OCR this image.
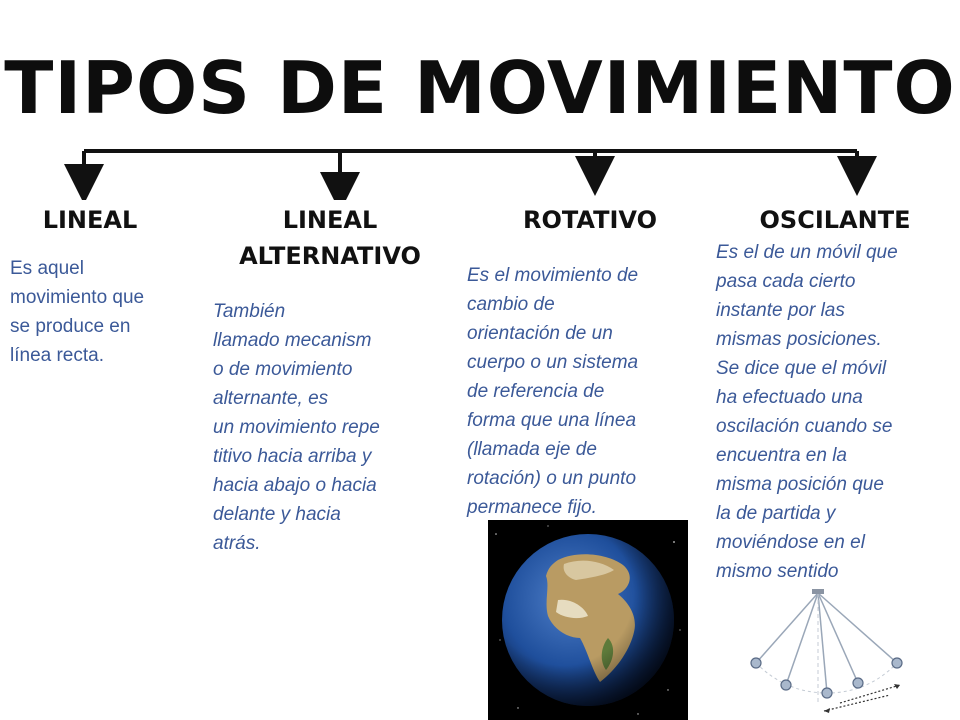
TIPOS DE MOVIMIENTO
LINEAL	LINEAL
ALTERNATIVO
ROTATIVO	OSCILANTE
Es aquel
movimiento que
se produce en
línea recta.
También
llamado mecanism
o de movimiento
alternante, es
un movimiento repe
titivo hacia arriba y
hacia abajo o hacia
delante y hacia
atrás.
Es el movimiento de
cambio de
orientación de un
cuerpo o un sistema
de referencia de
forma que una línea
(llamada eje de
rotación) o un punto
permanece fijo.
Es el de un móvil que
pasa cada cierto
instante por las
mismas posiciones.
Se dice que el móvil
ha efectuado una
oscilación cuando se
encuentra en la
misma posición que
la de partida y
moviéndose en el
mismo sentido
